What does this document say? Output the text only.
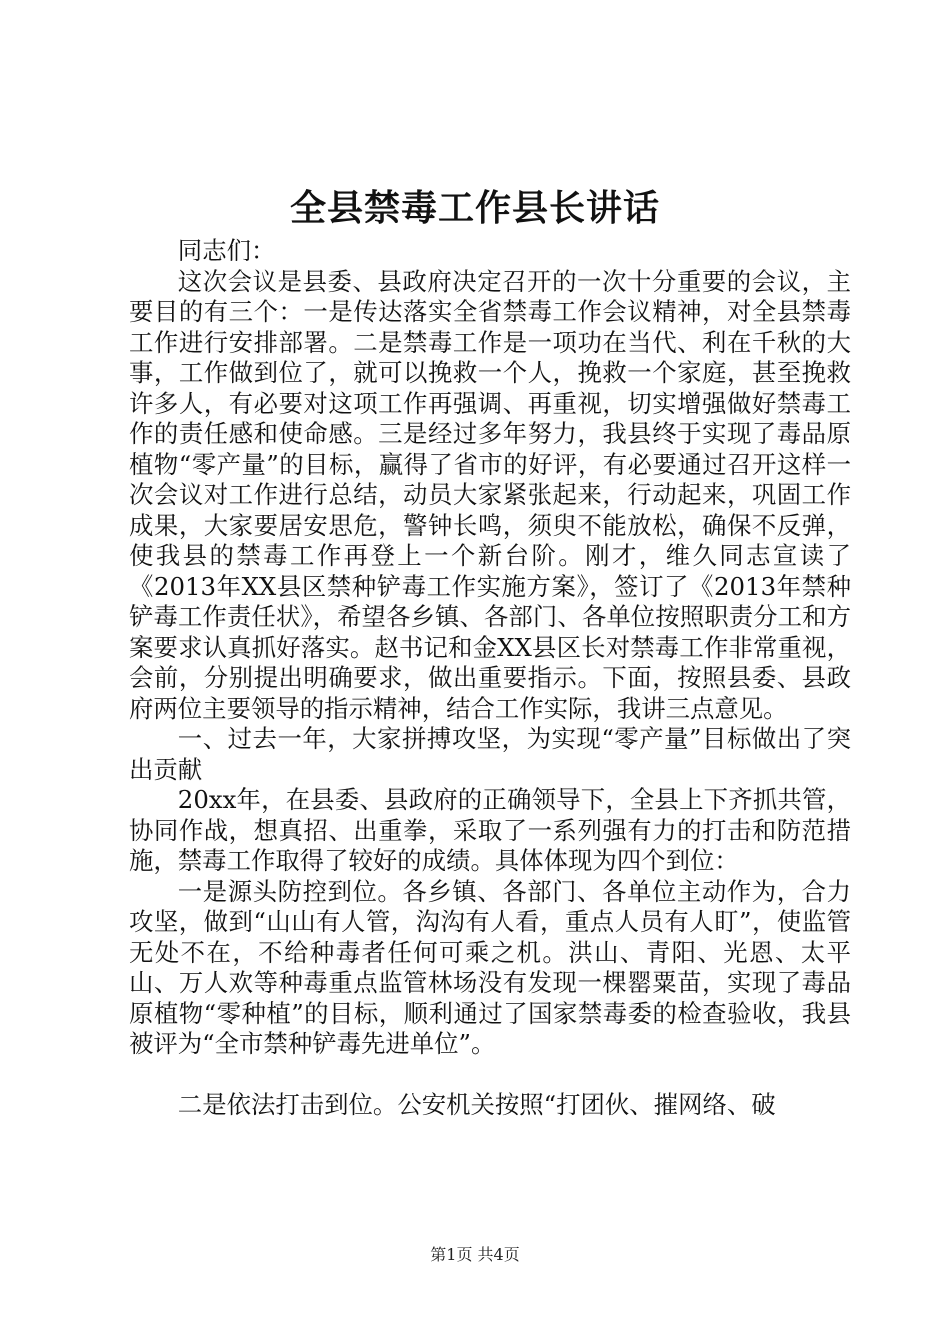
全县禁毒工作县长讲话

同志们：

这次会议是县委、县政府决定召开的一次十分重要的会议，主要目的有三个：一是传达落实全省禁毒工作会议精神，对全县禁毒工作进行安排部署。二是禁毒工作是一项功在当代、利在千秋的大事，工作做到位了，就可以挽救一个人，挽救一个家庭，甚至挽救许多人，有必要对这项工作再强调、再重视，切实增强做好禁毒工作的责任感和使命感。三是经过多年努力，我县终于实现了毒品原植物“零产量”的目标，赢得了省市的好评，有必要通过召开这样一次会议对工作进行总结，动员大家紧张起来，行动起来，巩固工作成果，大家要居安思危，警钟长鸣，须臾不能放松，确保不反弹，使我县的禁毒工作再登上一个新台阶。刚才，维久同志宣读了《2013年XX县区禁种铲毒工作实施方案》，签订了《2013年禁种铲毒工作责任状》，希望各乡镇、各部门、各单位按照职责分工和方案要求认真抓好落实。赵书记和金XX县区长对禁毒工作非常重视，会前，分别提出明确要求，做出重要指示。下面，按照县委、县政府两位主要领导的指示精神，结合工作实际，我讲三点意见。

一、过去一年，大家拼搏攻坚，为实现“零产量”目标做出了突出贡献

20xx年，在县委、县政府的正确领导下，全县上下齐抓共管，协同作战，想真招、出重拳，采取了一系列强有力的打击和防范措施，禁毒工作取得了较好的成绩。具体体现为四个到位：

一是源头防控到位。各乡镇、各部门、各单位主动作为，合力攻坚，做到“山山有人管，沟沟有人看，重点人员有人盯”，使监管无处不在，不给种毒者任何可乘之机。洪山、青阳、光恩、太平山、万人欢等种毒重点监管林场没有发现一棵罂粟苗，实现了毒品原植物“零种植”的目标，顺利通过了国家禁毒委的检查验收，我县被评为“全市禁种铲毒先进单位”。

二是依法打击到位。公安机关按照“打团伙、摧网络、破

第1页 共4页
